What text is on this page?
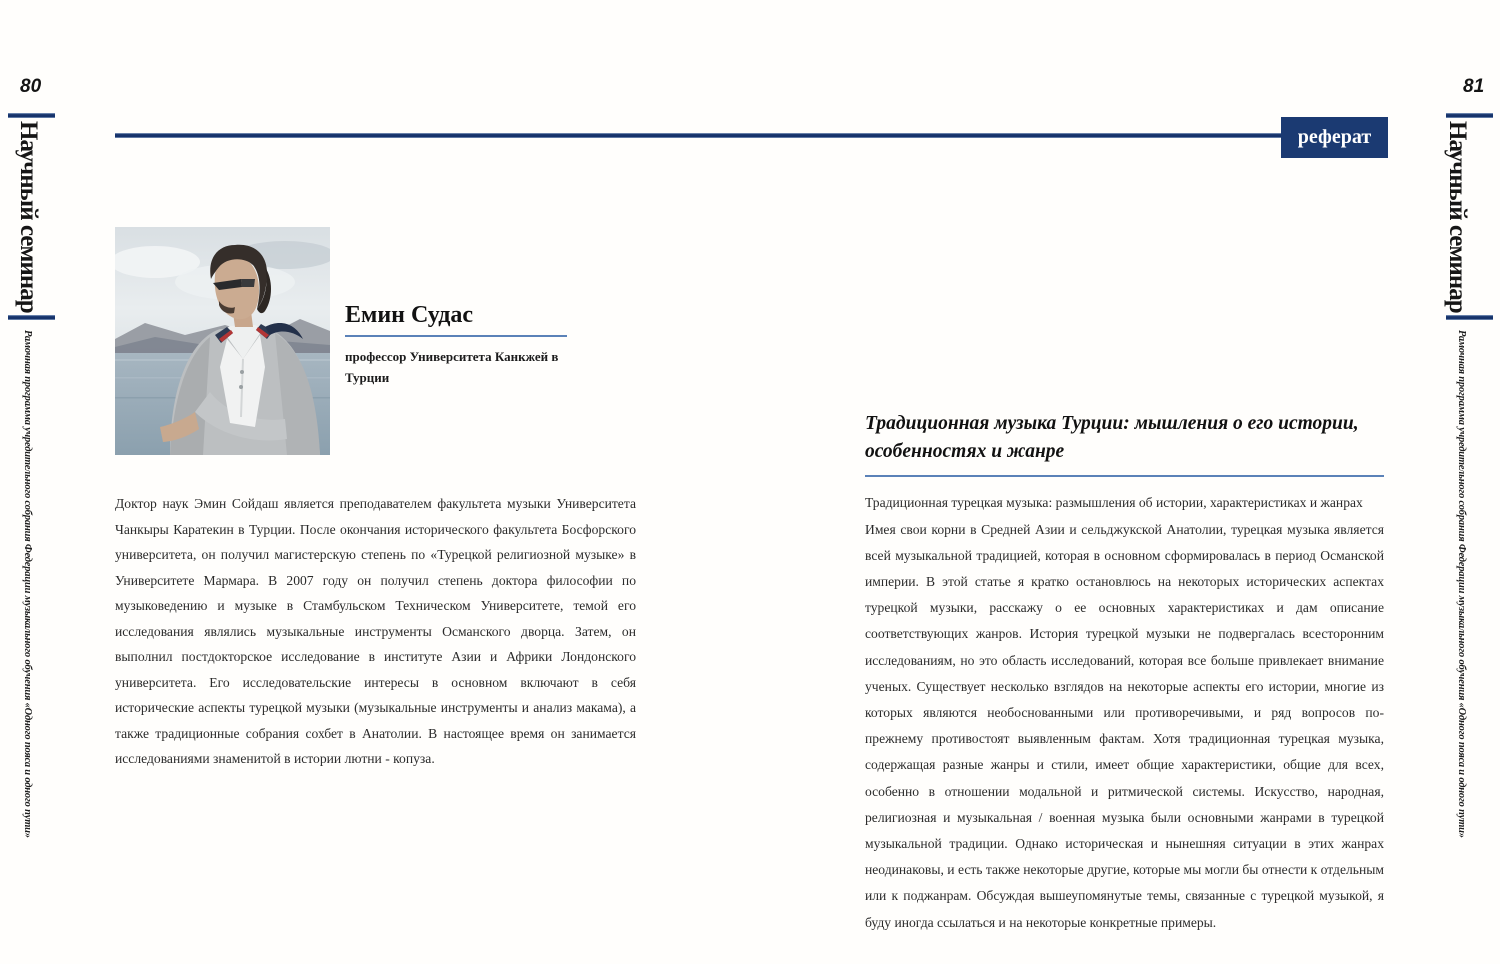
80
Научный семинар
Рамочная программа учредительного собрания Федерации музыкального обучения «Одного пояса и одного пути»
81
Научный семинар
Рамочная программа учредительного собрания Федерации музыкального обучения «Одного пояса и одного пути»
реферат
Емин Судас
профессор Университета Канкжей в Турции

Доктор наук Эмин Сойдаш является преподавателем факультета музыки Университета Чанкыры Каратекин в Турции. После окончания исторического факультета Босфорского университета, он получил магистерскую степень по «Турецкой религиозной музыке» в Университете Мармара. В 2007 году он получил степень доктора философии по музыковедению и музыке в Стамбульском Техническом Университете, темой его исследования являлись музыкальные инструменты Османского дворца. Затем, он выполнил постдокторское исследование в институте Азии и Африки Лондонского университета. Его исследовательские интересы в основном включают в себя исторические аспекты турецкой музыки (музыкальные инструменты и анализ макама), а также традиционные собрания сохбет в Анатолии. В настоящее время он занимается исследованиями знаменитой в истории лютни - копуза.

Традиционная музыка Турции: мышления о его истории, особенностях и жанре

Традиционная турецкая музыка: размышления об истории, характеристиках и жанрах

Имея свои корни в Средней Азии и сельджукской Анатолии, турецкая музыка является всей музыкальной традицией, которая в основном сформировалась в период Османской империи. В этой статье я кратко остановлюсь на некоторых исторических аспектах турецкой музыки, расскажу о ее основных характеристиках и дам описание соответствующих жанров. История турецкой музыки не подвергалась всесторонним исследованиям, но это область исследований, которая все больше привлекает внимание ученых. Существует несколько взглядов на некоторые аспекты его истории, многие из которых являются необоснованными или противоречивыми, и ряд вопросов по-прежнему противостоят выявленным фактам. Хотя традиционная турецкая музыка, содержащая разные жанры и стили, имеет общие характеристики, общие для всех, особенно в отношении модальной и ритмической системы. Искусство, народная, религиозная и музыкальная / военная музыка были основными жанрами в турецкой музыкальной традиции. Однако историческая и нынешняя ситуации в этих жанрах неодинаковы, и есть также некоторые другие, которые мы могли бы отнести к отдельным или к поджанрам. Обсуждая вышеупомянутые темы, связанные с турецкой музыкой, я буду иногда ссылаться и на некоторые конкретные примеры.
